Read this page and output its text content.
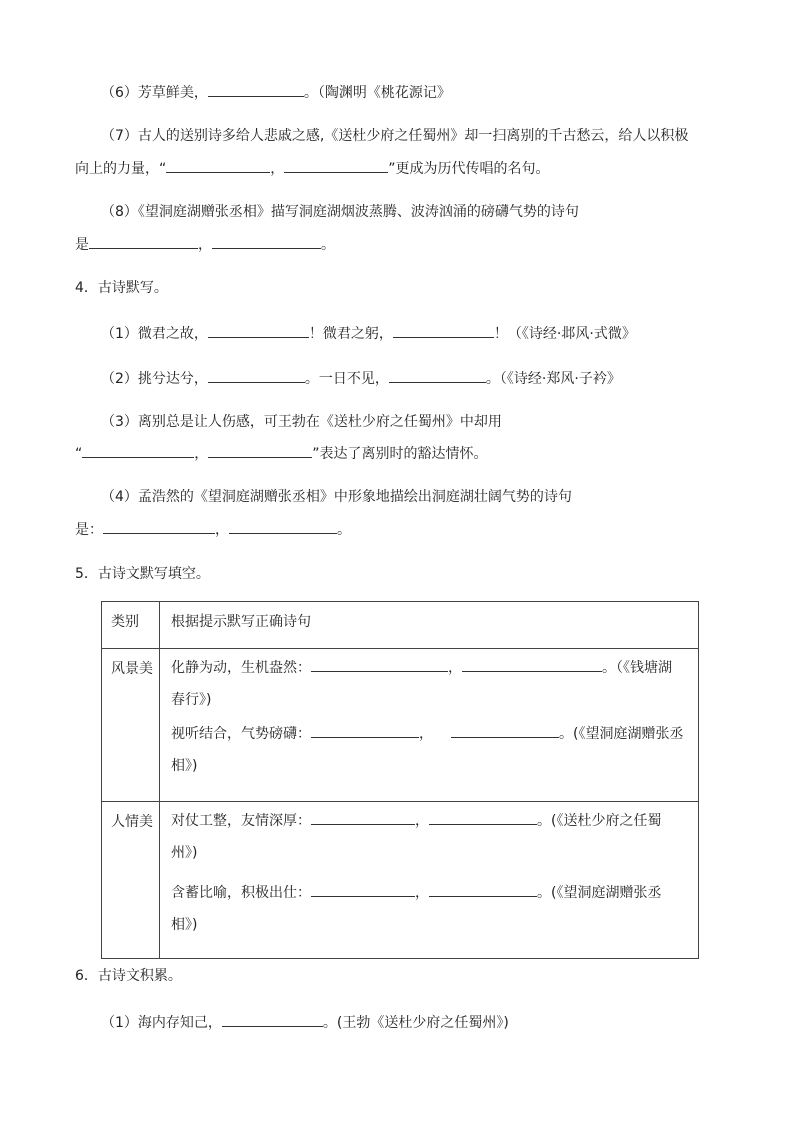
（6）芳草鲜美，	。（陶渊明《桃花源记》
（7）古人的送别诗多给人悲戚之感,《送杜少府之任蜀州》却一扫离别的千古愁云，给人以积极
向上的力量，“	，	”更成为历代传唱的名句。
（8）《望洞庭湖赠张丞相》描写洞庭湖烟波蒸腾、波涛汹涌的磅礴气势的诗句
是	，	。
4．古诗默写。
（1）微君之故，	！微君之躬，	！（《诗经·邶风·式微》
（2）挑兮达兮，	。一日不见，	。（《诗经·郑风·子衿》
（3）离别总是让人伤感，可王勃在《送杜少府之任蜀州》中却用
“	，	”表达了离别时的豁达情怀。
（4）孟浩然的《望洞庭湖赠张丞相》中形象地描绘出洞庭湖壮阔气势的诗句
是：	，	。
5．古诗文默写填空。
类别	根据提示默写正确诗句

风景美	化静为动，生机盎然： ， 。（《钱塘湖
春行》)
视听结合，气势磅礴： ， 。(《望洞庭湖赠张丞
相》)

人情美	对仗工整，友情深厚： ， 。(《送杜少府之任蜀
州》)
含蓄比喻，积极出仕： ， 。(《望洞庭湖赠张丞
相》)
6．古诗文积累。
（1）海内存知己，	。(王勃《送杜少府之任蜀州》)
